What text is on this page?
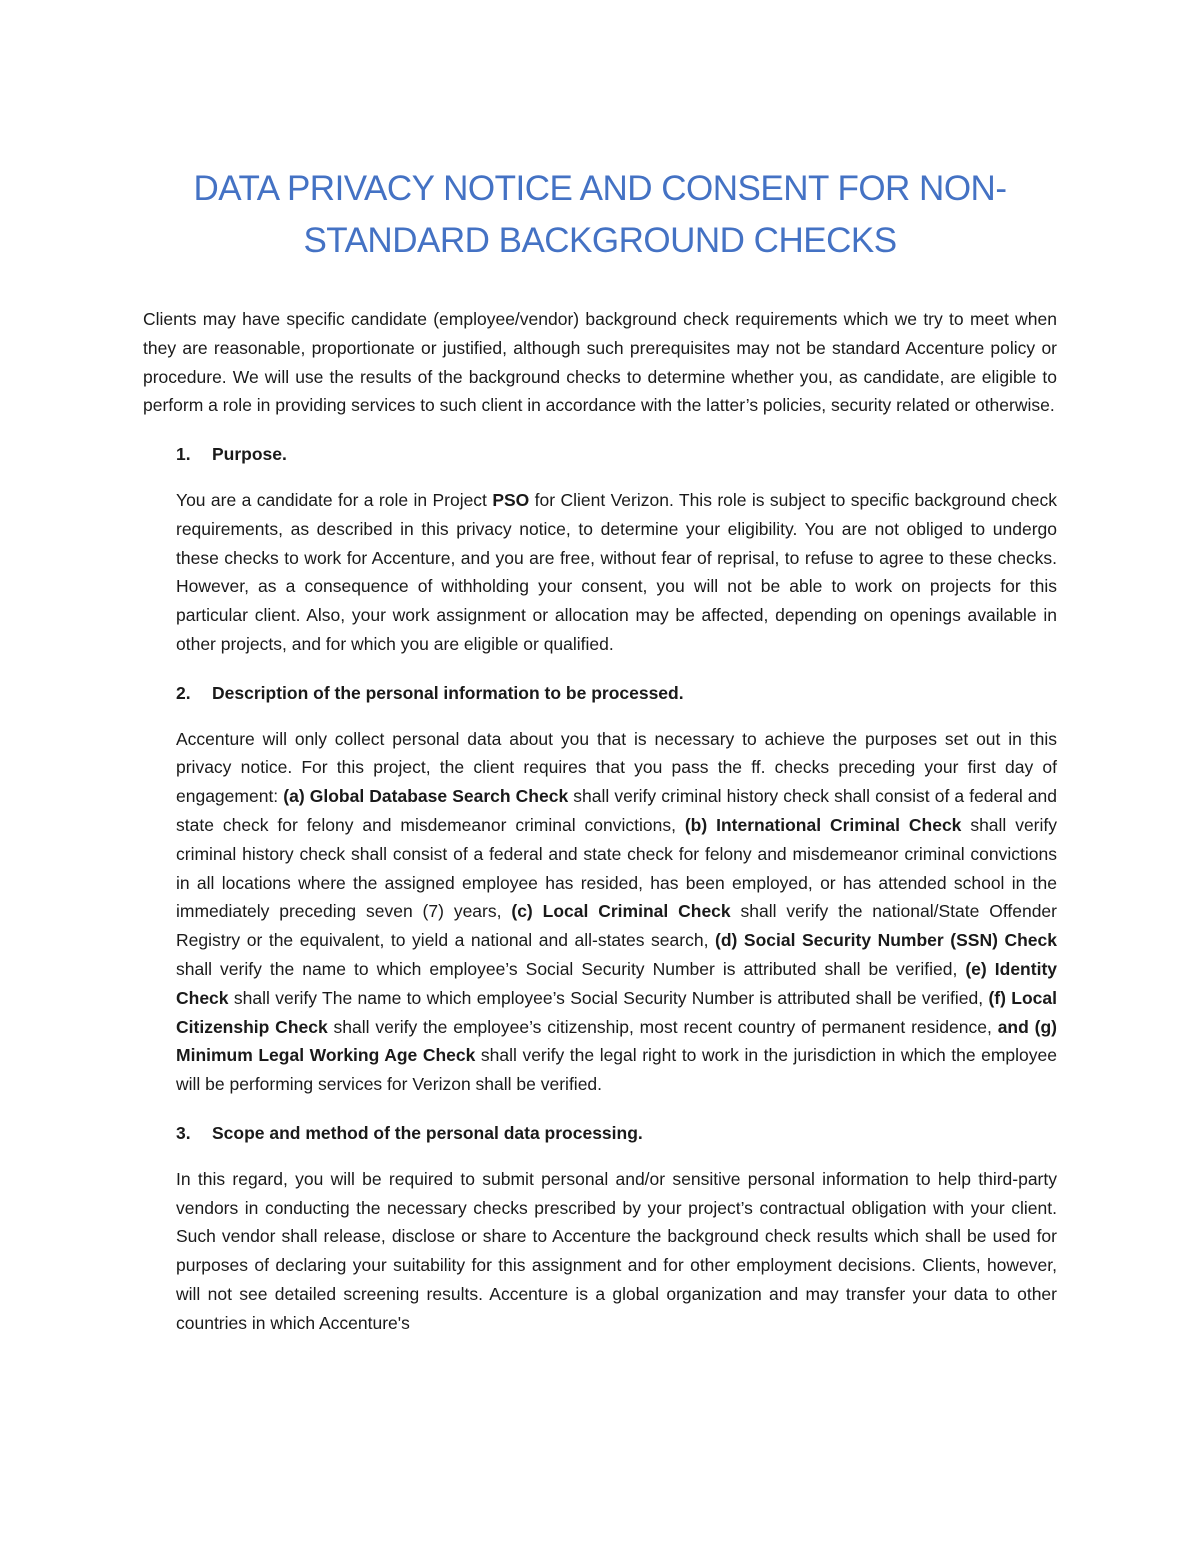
DATA PRIVACY NOTICE AND CONSENT FOR NON-
STANDARD BACKGROUND CHECKS

Clients may have specific candidate (employee/vendor) background check requirements which we try to meet when they are reasonable, proportionate or justified, although such prerequisites may not be standard Accenture policy or procedure. We will use the results of the background checks to determine whether you, as candidate, are eligible to perform a role in providing services to such client in accordance with the latter’s policies, security related or otherwise.

1. Purpose.

You are a candidate for a role in Project PSO for Client Verizon. This role is subject to specific background check requirements, as described in this privacy notice, to determine your eligibility. You are not obliged to undergo these checks to work for Accenture, and you are free, without fear of reprisal, to refuse to agree to these checks. However, as a consequence of withholding your consent, you will not be able to work on projects for this particular client. Also, your work assignment or allocation may be affected, depending on openings available in other projects, and for which you are eligible or qualified.

2. Description of the personal information to be processed.

Accenture will only collect personal data about you that is necessary to achieve the purposes set out in this privacy notice. For this project, the client requires that you pass the ff. checks preceding your first day of engagement: (a) Global Database Search Check shall verify criminal history check shall consist of a federal and state check for felony and misdemeanor criminal convictions, (b) International Criminal Check shall verify criminal history check shall consist of a federal and state check for felony and misdemeanor criminal convictions in all locations where the assigned employee has resided, has been employed, or has attended school in the immediately preceding seven (7) years, (c) Local Criminal Check shall verify the national/State Offender Registry or the equivalent, to yield a national and all-states search, (d) Social Security Number (SSN) Check shall verify the name to which employee’s Social Security Number is attributed shall be verified, (e) Identity Check shall verify The name to which employee’s Social Security Number is attributed shall be verified, (f) Local Citizenship Check shall verify the employee’s citizenship, most recent country of permanent residence, and (g) Minimum Legal Working Age Check shall verify the legal right to work in the jurisdiction in which the employee will be performing services for Verizon shall be verified.

3. Scope and method of the personal data processing.

In this regard, you will be required to submit personal and/or sensitive personal information to help third-party vendors in conducting the necessary checks prescribed by your project’s contractual obligation with your client. Such vendor shall release, disclose or share to Accenture the background check results which shall be used for purposes of declaring your suitability for this assignment and for other employment decisions. Clients, however, will not see detailed screening results. Accenture is a global organization and may transfer your data to other countries in which Accenture's
